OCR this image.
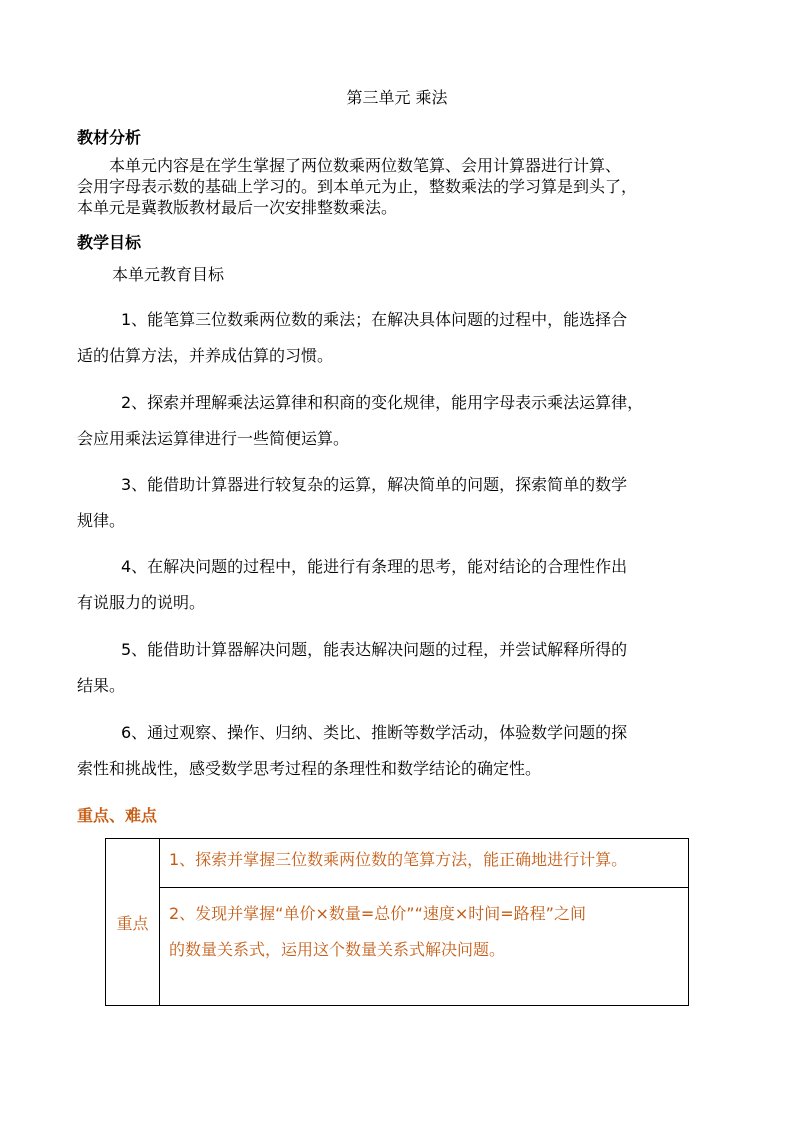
第三单元 乘法
教材分析
本单元内容是在学生掌握了两位数乘两位数笔算、会用计算器进行计算、
会用字母表示数的基础上学习的。到本单元为止，整数乘法的学习算是到头了，
本单元是冀教版教材最后一次安排整数乘法。
教学目标
本单元教育目标
1、能笔算三位数乘两位数的乘法；在解决具体问题的过程中，能选择合
适的估算方法，并养成估算的习惯。
2、探索并理解乘法运算律和积商的变化规律，能用字母表示乘法运算律，
会应用乘法运算律进行一些简便运算。
3、能借助计算器进行较复杂的运算，解决简单的问题，探索简单的数学
规律。
4、在解决问题的过程中，能进行有条理的思考，能对结论的合理性作出
有说服力的说明。
5、能借助计算器解决问题，能表达解决问题的过程，并尝试解释所得的
结果。
6、通过观察、操作、归纳、类比、推断等数学活动，体验数学问题的探
索性和挑战性，感受数学思考过程的条理性和数学结论的确定性。
重点、难点
重点	1、探索并掌握三位数乘两位数的笔算方法，能正确地进行计算。

2、发现并掌握“单价×数量=总价”“速度×时间=路程”之间
的数量关系式，运用这个数量关系式解决问题。
